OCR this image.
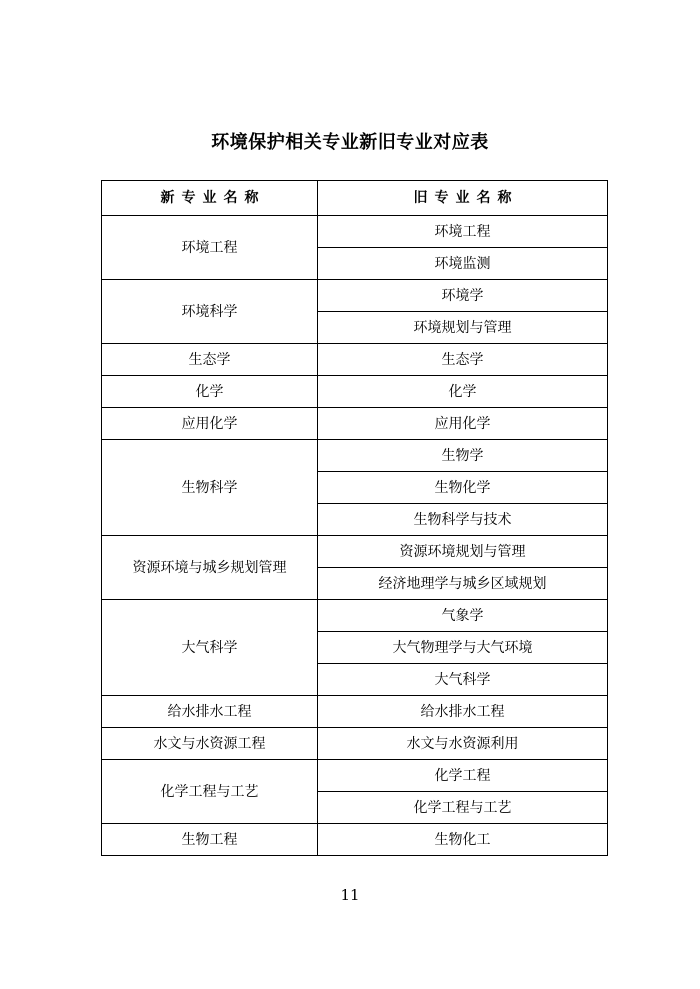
环境保护相关专业新旧专业对应表
新专业名称	旧专业名称
环境工程	环境工程
	环境监测
环境科学	环境学
	环境规划与管理
生态学	生态学
化学	化学
应用化学	应用化学
生物科学	生物学
	生物化学
	生物科学与技术
资源环境与城乡规划管理	资源环境规划与管理
	经济地理学与城乡区域规划
大气科学	气象学
	大气物理学与大气环境
	大气科学
给水排水工程	给水排水工程
水文与水资源工程	水文与水资源利用
化学工程与工艺	化学工程
	化学工程与工艺
生物工程	生物化工
11
